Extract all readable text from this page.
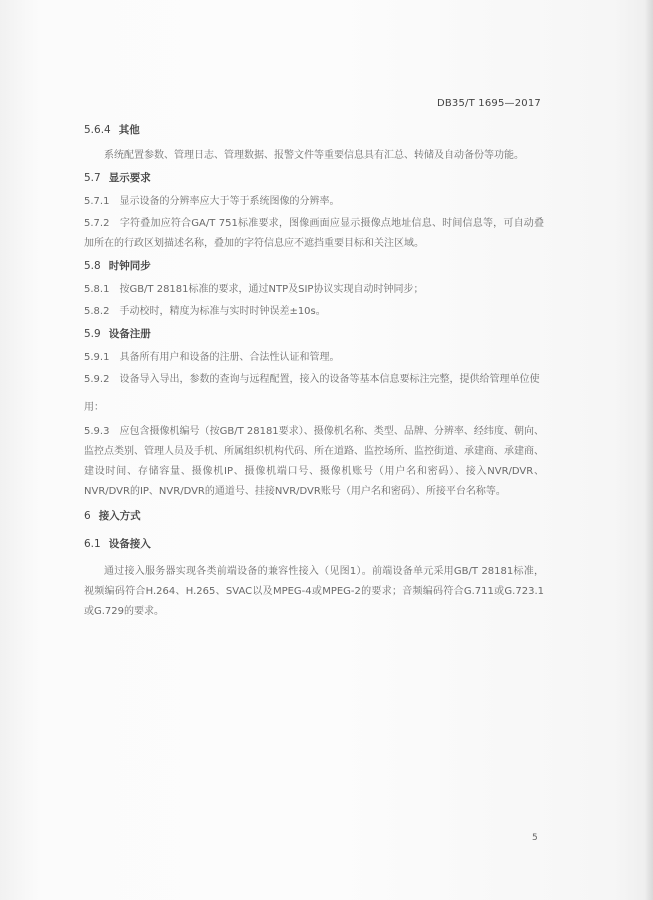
DB35/T 1695—2017
5.6.4 其他

系统配置参数、管理日志、管理数据、报警文件等重要信息具有汇总、转储及自动备份等功能。

5.7 显示要求

5.7.1　显示设备的分辨率应大于等于系统图像的分辨率。

5.7.2　字符叠加应符合GA/T 751标准要求，图像画面应显示摄像点地址信息、时间信息等，可自动叠加所在的行政区划描述名称，叠加的字符信息应不遮挡重要目标和关注区域。

5.8 时钟同步

5.8.1　按GB/T 28181标准的要求，通过NTP及SIP协议实现自动时钟同步；

5.8.2　手动校时，精度为标准与实时时钟误差±10s。

5.9 设备注册

5.9.1　具备所有用户和设备的注册、合法性认证和管理。

5.9.2　设备导入导出，参数的查询与远程配置，接入的设备等基本信息要标注完整，提供给管理单位使

用：

5.9.3　应包含摄像机编号（按GB/T 28181要求）、摄像机名称、类型、品牌、分辨率、经纬度、朝向、监控点类别、管理人员及手机、所属组织机构代码、所在道路、监控场所、监控街道、承建商、承建商、建设时间、存储容量、摄像机IP、摄像机端口号、摄像机账号（用户名和密码）、接入NVR/DVR、NVR/DVR的IP、NVR/DVR的通道号、挂接NVR/DVR账号（用户名和密码）、所接平台名称等。

6 接入方式
6.1 设备接入

通过接入服务器实现各类前端设备的兼容性接入（见图1）。前端设备单元采用GB/T 28181标准，视频编码符合H.264、H.265、SVAC以及MPEG-4或MPEG-2的要求；音频编码符合G.711或G.723.1或G.729的要求。

5
